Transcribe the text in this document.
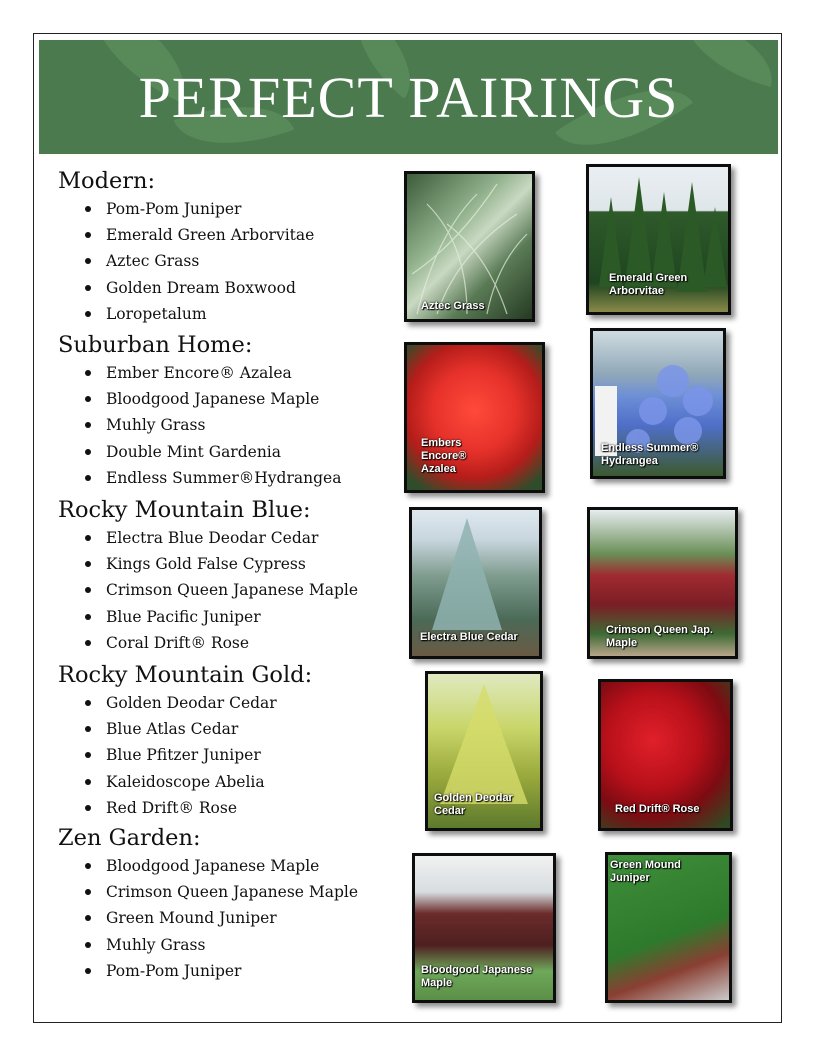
PERFECT PAIRINGS
Modern:
Pom-Pom Juniper
Emerald Green Arborvitae
Aztec Grass
Golden Dream Boxwood
Loropetalum
Suburban Home:
Ember Encore® Azalea
Bloodgood Japanese Maple
Muhly Grass
Double Mint Gardenia
Endless Summer®Hydrangea
Rocky Mountain Blue:
Electra Blue Deodar Cedar
Kings Gold False Cypress
Crimson Queen Japanese Maple
Blue Pacific Juniper
Coral Drift® Rose
Rocky Mountain Gold:
Golden Deodar Cedar
Blue Atlas Cedar
Blue Pfitzer Juniper
Kaleidoscope Abelia
Red Drift® Rose
Zen Garden:
Bloodgood Japanese Maple
Crimson Queen Japanese Maple
Green Mound Juniper
Muhly Grass
Pom-Pom Juniper
Aztec Grass
Emerald Green Arborvitae
Embers Encore® Azalea
Endless Summer® Hydrangea
Electra Blue Cedar
Crimson Queen Jap. Maple
Golden Deodar Cedar	Red Drift® Rose
Bloodgood Japanese Maple
Green Mound Juniper
